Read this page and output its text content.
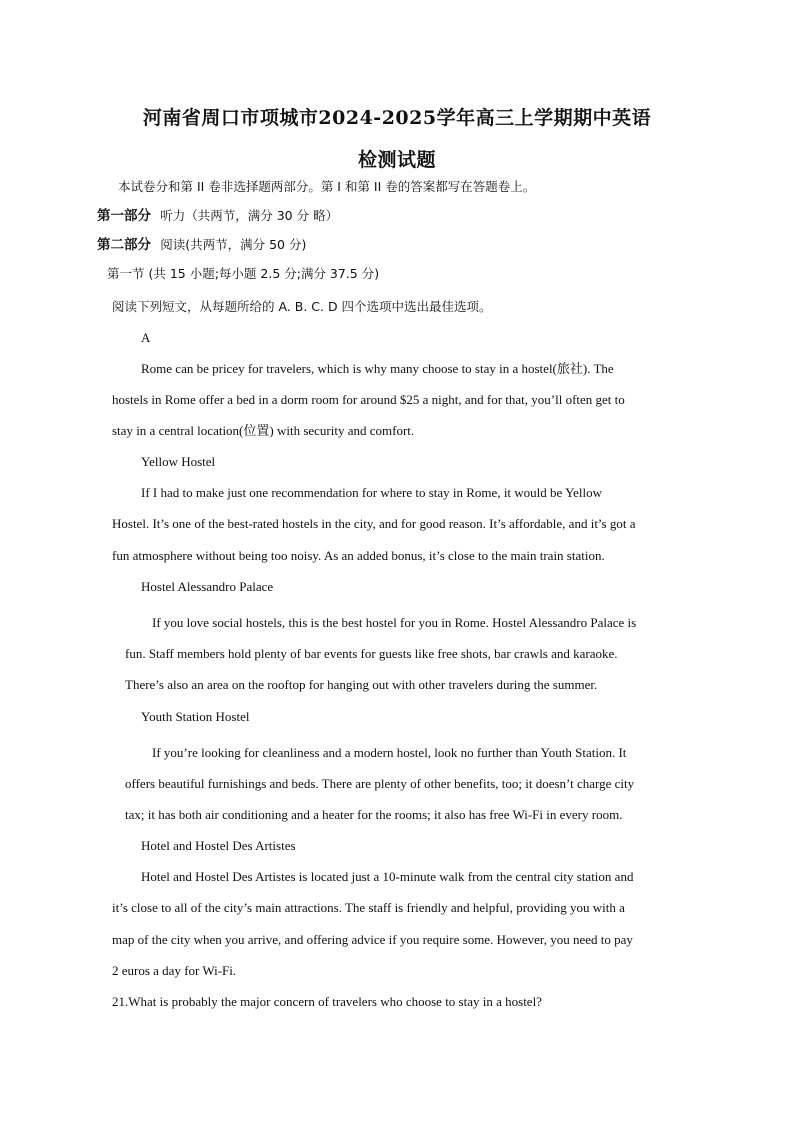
河南省周口市项城市2024-2025学年高三上学期期中英语
检测试题
本试卷分和第 II 卷非选择题两部分。第 I 和第 II 卷的答案都写在答题卷上。
第一部分 听力（共两节，满分 30 分 略）
第二部分 阅读(共两节，满分 50 分)
第一节 (共 15 小题;每小题 2.5 分;满分 37.5 分)
阅读下列短文，从每题所给的 A. B. C. D 四个选项中选出最佳选项。
A
Rome can be pricey for travelers, which is why many choose to stay in a hostel(旅社). The
hostels in Rome offer a bed in a dorm room for around $25 a night, and for that, you’ll often get to
stay in a central location(位置) with security and comfort.
Yellow Hostel
If I had to make just one recommendation for where to stay in Rome, it would be Yellow
Hostel. It’s one of the best-rated hostels in the city, and for good reason. It’s affordable, and it’s got a
fun atmosphere without being too noisy. As an added bonus, it’s close to the main train station.
Hostel Alessandro Palace
If you love social hostels, this is the best hostel for you in Rome. Hostel Alessandro Palace is
fun. Staff members hold plenty of bar events for guests like free shots, bar crawls and karaoke.
There’s also an area on the rooftop for hanging out with other travelers during the summer.
Youth Station Hostel
If you’re looking for cleanliness and a modern hostel, look no further than Youth Station. It
offers beautiful furnishings and beds. There are plenty of other benefits, too; it doesn’t charge city
tax; it has both air conditioning and a heater for the rooms; it also has free Wi-Fi in every room.
Hotel and Hostel Des Artistes
Hotel and Hostel Des Artistes is located just a 10-minute walk from the central city station and
it’s close to all of the city’s main attractions. The staff is friendly and helpful, providing you with a
map of the city when you arrive, and offering advice if you require some. However, you need to pay
2 euros a day for Wi-Fi.
21.What is probably the major concern of travelers who choose to stay in a hostel?
